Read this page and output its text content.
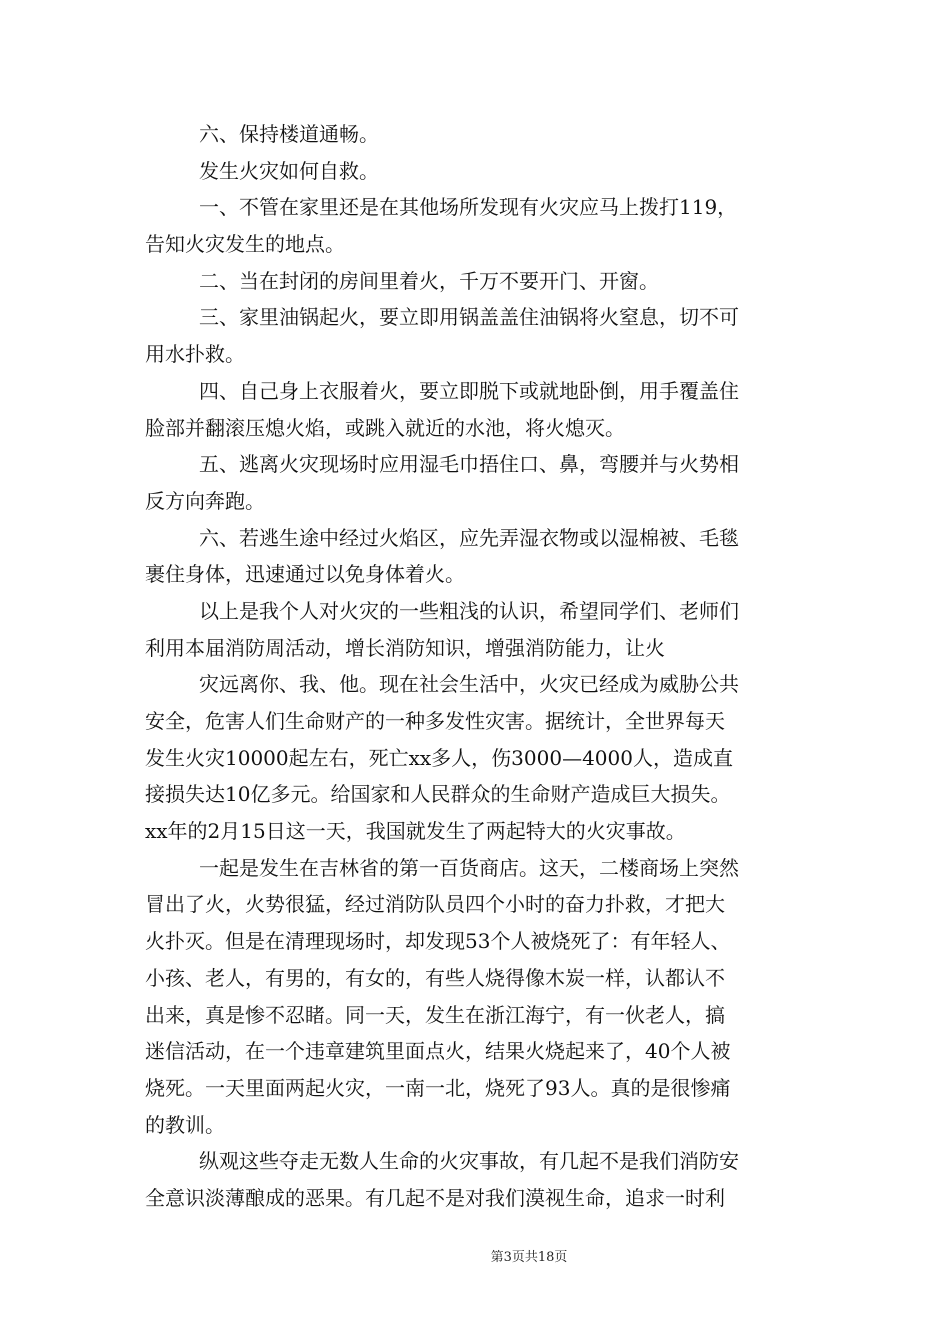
六、保持楼道通畅。
发生火灾如何自救。
一、不管在家里还是在其他场所发现有火灾应马上拨打119，
告知火灾发生的地点。
二、当在封闭的房间里着火，千万不要开门、开窗。
三、家里油锅起火，要立即用锅盖盖住油锅将火窒息，切不可
用水扑救。
四、自己身上衣服着火，要立即脱下或就地卧倒，用手覆盖住
脸部并翻滚压熄火焰，或跳入就近的水池，将火熄灭。
五、逃离火灾现场时应用湿毛巾捂住口、鼻，弯腰并与火势相
反方向奔跑。
六、若逃生途中经过火焰区，应先弄湿衣物或以湿棉被、毛毯
裹住身体，迅速通过以免身体着火。
以上是我个人对火灾的一些粗浅的认识，希望同学们、老师们
利用本届消防周活动，增长消防知识，增强消防能力，让火
灾远离你、我、他。现在社会生活中，火灾已经成为威胁公共
安全，危害人们生命财产的一种多发性灾害。据统计，全世界每天
发生火灾10000起左右，死亡xx多人，伤3000—4000人，造成直
接损失达10亿多元。给国家和人民群众的生命财产造成巨大损失。
xx年的2月15日这一天，我国就发生了两起特大的火灾事故。
一起是发生在吉林省的第一百货商店。这天，二楼商场上突然
冒出了火，火势很猛，经过消防队员四个小时的奋力扑救，才把大
火扑灭。但是在清理现场时，却发现53个人被烧死了：有年轻人、
小孩、老人，有男的，有女的，有些人烧得像木炭一样，认都认不
出来，真是惨不忍睹。同一天，发生在浙江海宁，有一伙老人，搞
迷信活动，在一个违章建筑里面点火，结果火烧起来了，40个人被
烧死。一天里面两起火灾，一南一北，烧死了93人。真的是很惨痛
的教训。
纵观这些夺走无数人生命的火灾事故，有几起不是我们消防安
全意识淡薄酿成的恶果。有几起不是对我们漠视生命，追求一时利
第3页共18页
